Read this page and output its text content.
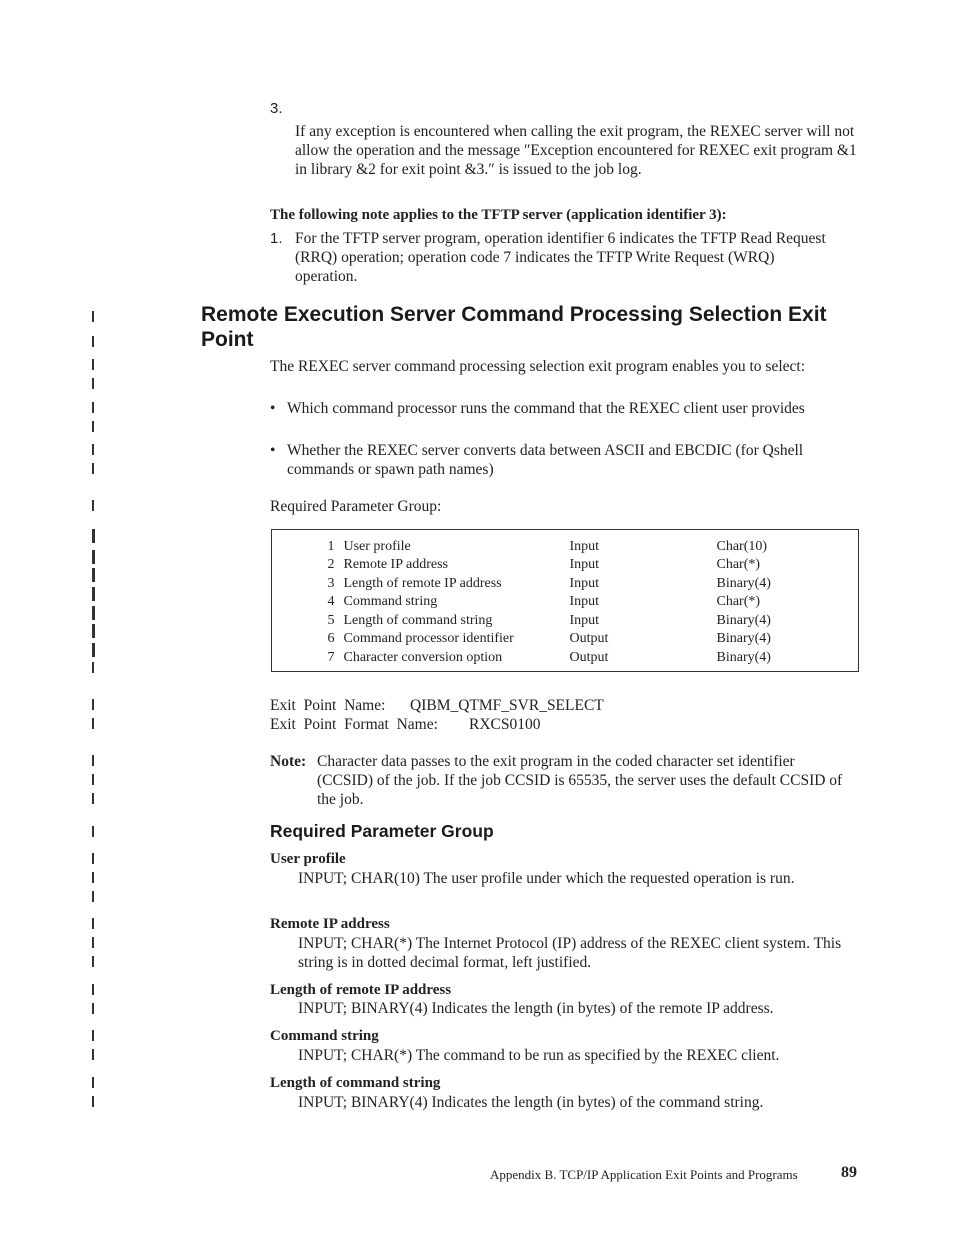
3.

If any exception is encountered when calling the exit program, the REXEC server will not allow the operation and the message ″Exception encountered for REXEC exit program &1 in library &2 for exit point &3.″ is issued to the job log.

The following note applies to the TFTP server (application identifier 3):
1. For the TFTP server program, operation identifier 6 indicates the TFTP Read Request (RRQ) operation; operation code 7 indicates the TFTP Write Request (WRQ) operation.

Remote Execution Server Command Processing Selection Exit Point

The REXEC server command processing selection exit program enables you to select:

• Which command processor runs the command that the REXEC client user provides
• Whether the REXEC server converts data between ASCII and EBCDIC (for Qshell commands or spawn path names)
Required Parameter Group:

1	User profile	Input	Char(10)
2	Remote IP address	Input	Char(*)
3	Length of remote IP address	Input	Binary(4)
4	Command string	Input	Char(*)
5	Length of command string	Input	Binary(4)
6	Command processor identifier	Output	Binary(4)
7	Character conversion option	Output	Binary(4)

Exit  Point  Name: QIBM_QTMF_SVR_SELECT
Exit  Point  Format  Name: RXCS0100
Note: Character data passes to the exit program in the coded character set identifier (CCSID) of the job. If the job CCSID is 65535, the server uses the default CCSID of the job.

Required Parameter Group
User profile
INPUT; CHAR(10) The user profile under which the requested operation is run.
Remote IP address
INPUT; CHAR(*) The Internet Protocol (IP) address of the REXEC client system. This string is in dotted decimal format, left justified.
Length of remote IP address
INPUT; BINARY(4) Indicates the length (in bytes) of the remote IP address.
Command string
INPUT; CHAR(*) The command to be run as specified by the REXEC client.
Length of command string
INPUT; BINARY(4) Indicates the length (in bytes) of the command string.
Appendix B. TCP/IP Application Exit Points and Programs	89
